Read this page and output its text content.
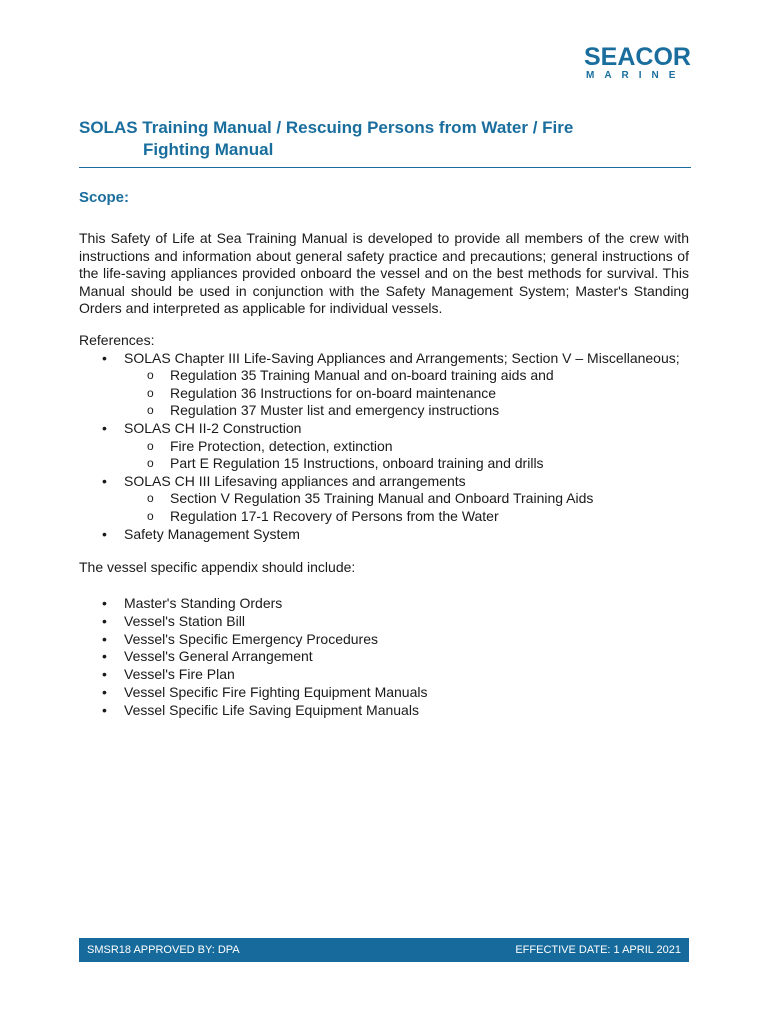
SEACOR
MARINE
SOLAS Training Manual / Rescuing Persons from Water / Fire
Fighting Manual
Scope:
This Safety of Life at Sea Training Manual is developed to provide all members of the crew with instructions and information about general safety practice and precautions; general instructions of the life-saving appliances provided onboard the vessel and on the best methods for survival. This Manual should be used in conjunction with the Safety Management System; Master's Standing Orders and interpreted as applicable for individual vessels.
References:
• SOLAS Chapter III Life-Saving Appliances and Arrangements; Section V – Miscellaneous;
o Regulation 35 Training Manual and on-board training aids and
o Regulation 36 Instructions for on-board maintenance
o Regulation 37 Muster list and emergency instructions
• SOLAS CH II-2 Construction
o Fire Protection, detection, extinction
o Part E Regulation 15 Instructions, onboard training and drills
• SOLAS CH III Lifesaving appliances and arrangements
o Section V Regulation 35 Training Manual and Onboard Training Aids
o Regulation 17-1 Recovery of Persons from the Water
• Safety Management System
The vessel specific appendix should include:
• Master's Standing Orders
• Vessel's Station Bill
• Vessel's Specific Emergency Procedures
• Vessel's General Arrangement
• Vessel's Fire Plan
• Vessel Specific Fire Fighting Equipment Manuals
• Vessel Specific Life Saving Equipment Manuals
SMSR18 APPROVED BY: DPA	EFFECTIVE DATE: 1 APRIL 2021
